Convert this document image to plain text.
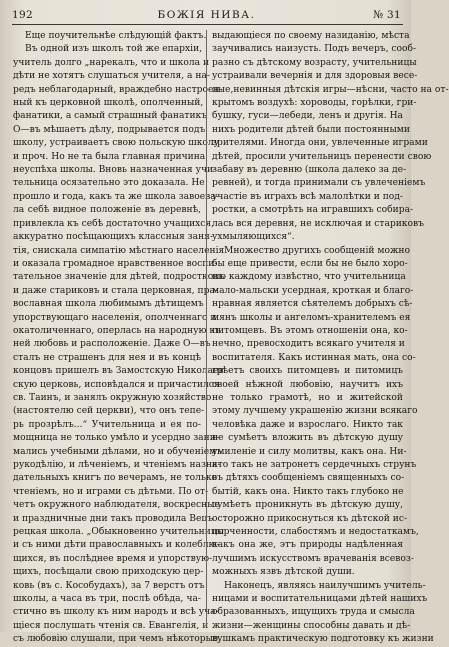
192	БОЖІЯ НИВА.	№ 31
Еще поучительнѣе слѣдующій фактъ.
Въ одной изъ школъ той же епархіи,
учитель долго „нарекалъ, что и школа и
дѣти не хотятъ слушаться учителя, а на-
редъ неблагодарный, враждебно настроен-
ный къ церковной школѣ, ополченный,
фанатики, а самый страшный фанатикъ
О—въ мѣшаетъ дѣлу, подрывается подъ
школу, устраиваетъ свою польскую школу
и проч. Но не та была главная причина
неуспѣха школы. Вновь назначенная учи-
тельница осязательно это доказала. Не
прошло и года, какъ та же школа завоева-
ла себѣ видное положеніе въ деревнѣ,
привлекла къ себѣ достаточно учащихся,
аккуратно посѣщающихъ классныя заня-
тія, снискала симпатію мѣстнаго населенія
и оказала громадное нравственное воспи-
тательное значеніе для дѣтей, подростковъ
и даже стариковъ и стала церковная, пра-
вославная школа любимымъ дѣтищемъ
упорствующаго населенія, ополченнаго и
окатоличеннаго, оперлась на народную къ
ней любовь и расположеніе. Даже О—въ
сталъ не страшенъ для нея и въ концѣ
концовъ пришелъ въ Замостскую Николаев-
скую церковь, исповѣдался и причастился
св. Таинъ, и занялъ окружную хозяйство
(настоятелю сей церкви), что онъ тепе-
рь прозрѣлъ...“ Учительница и ея по-
мощница не только умѣло и усердно зани-
мались учебными дѣлами, но и обученіемъ
рукодѣлію, и лѣченіемъ, и чтеніемъ назна-
дательныхъ книгъ по вечерамъ, не только
чтеніемъ, но и играми съ дѣтьми. По от-
четъ окружного наблюдателя, воскресные
и праздничные дни такъ проводила Вецъ
рецкая школа. „Обыкновенно учительницы
и съ ними дѣти православныхъ и колеблю-
щихся, въ послѣднее время и упорствую-
щихъ, посѣщали свою приходскую цер-
ковь (въ с. Кособудахъ), за 7 верстъ отъ
школы, а часа въ три, послѣ обѣда, ча-
стично въ школу къ ним народъ и всѣ уча-
щіеся послушать чтенія св. Евангелія, и
съ любовію слушали, при чемъ нѣкоторые,
выдающіеся по своему назиданію, мѣста
заучивались наизусть. Подъ вечеръ, сооб-
разно съ дѣтскому возрасту, учительницы
устраивали вечернія и для здоровыя весе-
лые,невинныя дѣтскія игры—нѣсни, часто на от-
крытомъ воздухѣ: хороводы, горѣлки, гри-
бушку, гуси—лебеди, ленъ и другія. На
нихъ родители дѣтей были постоянными
зрителями. Иногда они, увлеченные играми
дѣтей, просили учительницъ перенести свою
забаву въ деревню (школа далеко за де-
ревней), и тогда принимали съ увлеченіемъ
участіе въ играхъ всѣ малолѣтки и под-
ростки, а смотрѣть на игравшихъ собира-
лась вся деревня, не исключая и стариковъ
ухмыляющихся“.
Множество другихъ сообщеній можно
бы еще привести, если бы не было хоро-
шо каждому извѣстно, что учительница
мало-мальски усердная, кроткая и благо-
нравная является сѣятелемъ добрыхъ сѣ-
мянъ школы и ангеломъ-хранителемъ ея
питомцевъ. Въ этомъ отношеніи она, ко-
нечно, превосходитъ всякаго учителя и
воспитателя. Какъ истинная мать, она со-
грѣетъ своихъ питомцевъ и питомицъ
своей нѣжной любовію, научитъ ихъ
не только грамотѣ, но и житейской
этому лучшему украшенію жизни всякаго
человѣка даже и взрослаго. Никто так
не сумѣетъ вложить въ дѣтскую душу
умиленіе и силу молитвы, какъ она. Ни-
кто такъ не затронетъ сердечныхъ струнъ
въ дѣтяхъ сообщеніемъ священныхъ со-
бытій, какъ она. Никто такъ глубоко не
сумѣетъ проникнуть въ дѣтскую душу,
осторожно прикоснуться къ дѣтской ис-
порченности, слабостямъ и недостаткамъ,
какъ она же, этъ природы надѣленная
лучшимъ искусствомъ врачеванія всевоз-
можныхъ язвъ дѣтской души.
Наконецъ, являясь наилучшимъ учитель-
ницами и воспитательницами дѣтей нашихъ
образованныхъ, ищущихъ труда и смысла
жизни—женщины способны давать и дѣ-
вушкамъ практическую подготовку къ жизни
